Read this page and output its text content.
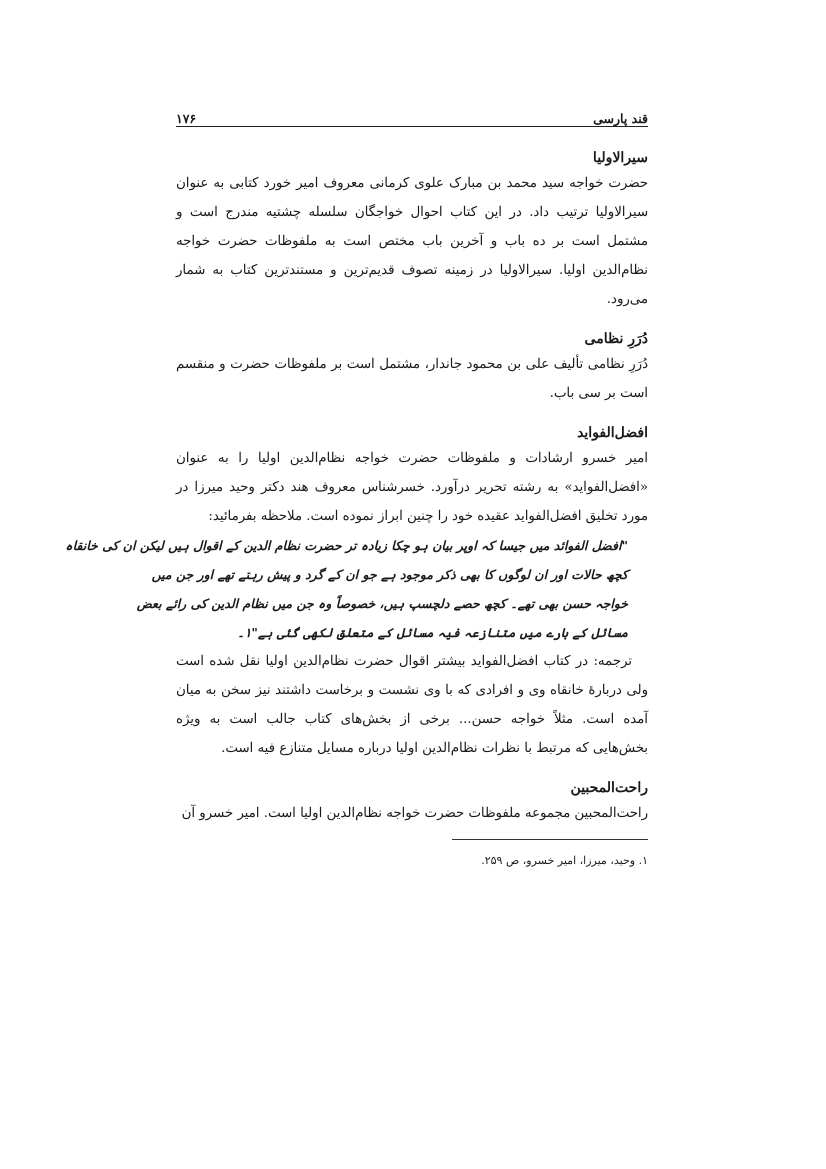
قند پارسی
۱۷۶
سیرالاولیا

حضرت خواجه سید محمد بن مبارک علوی کرمانی معروف امیر خورد کتابی به عنوان سیرالاولیا ترتیب داد. در این کتاب احوال خواجگان سلسله چشتیه مندرج است و مشتمل است بر ده باب و آخرین باب مختص است به ملفوظات حضرت خواجه نظام‌الدین اولیا. سیرالاولیا در زمینه تصوف قدیم‌ترین و مستندترین کتاب به شمار می‌رود.

دُرَرِ نظامی

دُرَرِ نظامی تألیف علی بن محمود جاندار، مشتمل است بر ملفوظات حضرت و منقسم است بر سی باب.

افضل‌الفواید

امیر خسرو ارشادات و ملفوظات حضرت خواجه نظام‌الدین اولیا را به عنوان «افضل‌الفواید» به رشته تحریر درآورد. خسرشناس معروف هند دکتر وحید میرزا در مورد تخلیق افضل‌الفواید عقیده خود را چنین ابراز نموده است. ملاحظه بفرمائید:

"افضل الفوائد میں جیسا کہ اوپر بیان ہو چکا زیادہ تر حضرت نظام الدین کے اقوال ہیں لیکن ان کی خانقاہ
کچھ حالات اور ان لوگوں کا بھی ذکر موجود ہے جو ان کے گرد و پیش رہتے تھے اور جن میں
خواجہ حسن بھی تھے۔ کچھ حصے دلچسپ ہیں، خصوصاً وہ جن میں نظام الدین کی رائے بعض
مسائل کے بارے میں متنازعہ فیہ مسائل کے متعلق لکھی گئی ہے"۱۔

ترجمه: در کتاب افضل‌الفواید بیشتر اقوال حضرت نظام‌الدین اولیا نقل شده است ولی دربارهٔ خانقاه وی و افرادی که با وی نشست و برخاست داشتند نیز سخن به میان آمده است. مثلاً خواجه حسن... برخی از بخش‌های کتاب جالب است به ویژه بخش‌هایی که مرتبط با نظرات نظام‌الدین اولیا درباره مسایل متنازع فیه است.

راحت‌المحبین

راحت‌المحبین مجموعه ملفوظات حضرت خواجه نظام‌الدین اولیا است. امیر خسرو آن

۱. وحید، میرزا، امیر خسرو، ص ۲۵۹.
